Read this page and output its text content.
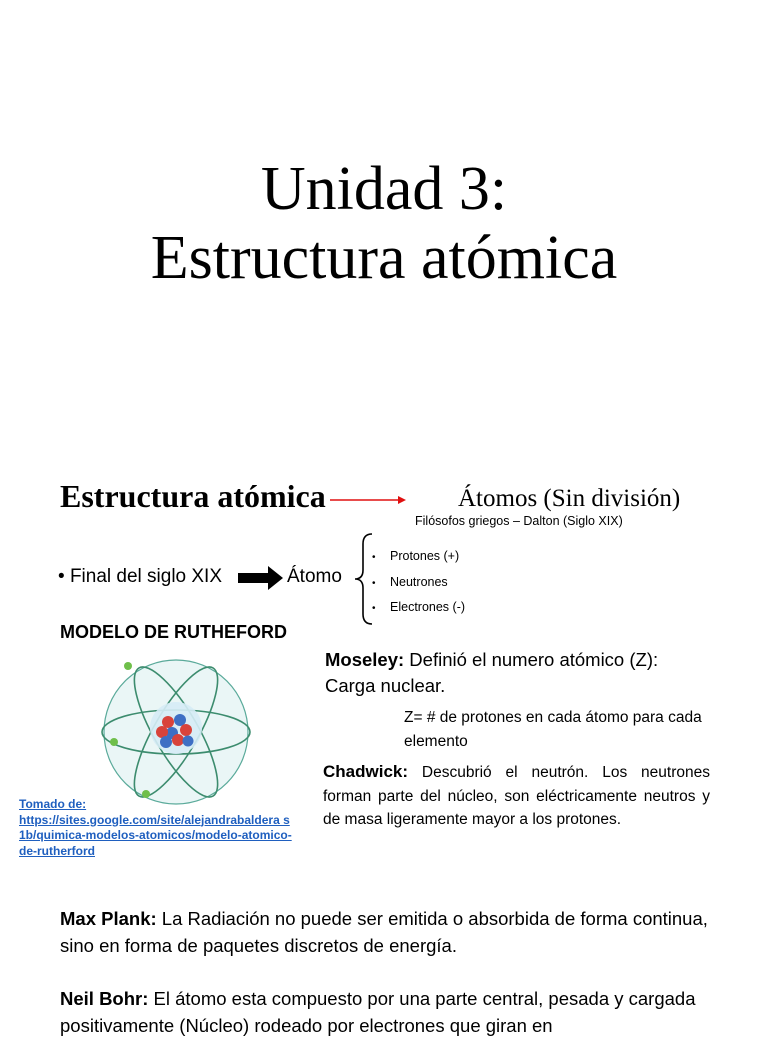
Unidad 3:
Estructura atómica
Estructura atómica	Átomos (Sin división)
Filósofos griegos – Dalton (Siglo XIX)
• Final del siglo XIX	Átomo
• Protones (+)
• Neutrones
• Electrones (-)
MODELO DE RUTHEFORD
Moseley: Definió el numero atómico (Z): Carga nuclear.
Z= # de protones en cada átomo para cada elemento
Chadwick: Descubrió el neutrón. Los neutrones forman parte del núcleo, son eléctricamente neutros y de masa ligeramente mayor a los protones.
Tomado de:
https://sites.google.com/site/alejandrabaldera s1b/quimica-modelos-atomicos/modelo-atomico-de-rutherford
Max Plank: La Radiación no puede ser emitida o absorbida de forma continua, sino en forma de paquetes discretos de energía.
Neil Bohr: El átomo esta compuesto por una parte central, pesada y cargada positivamente (Núcleo) rodeado por electrones que giran en
